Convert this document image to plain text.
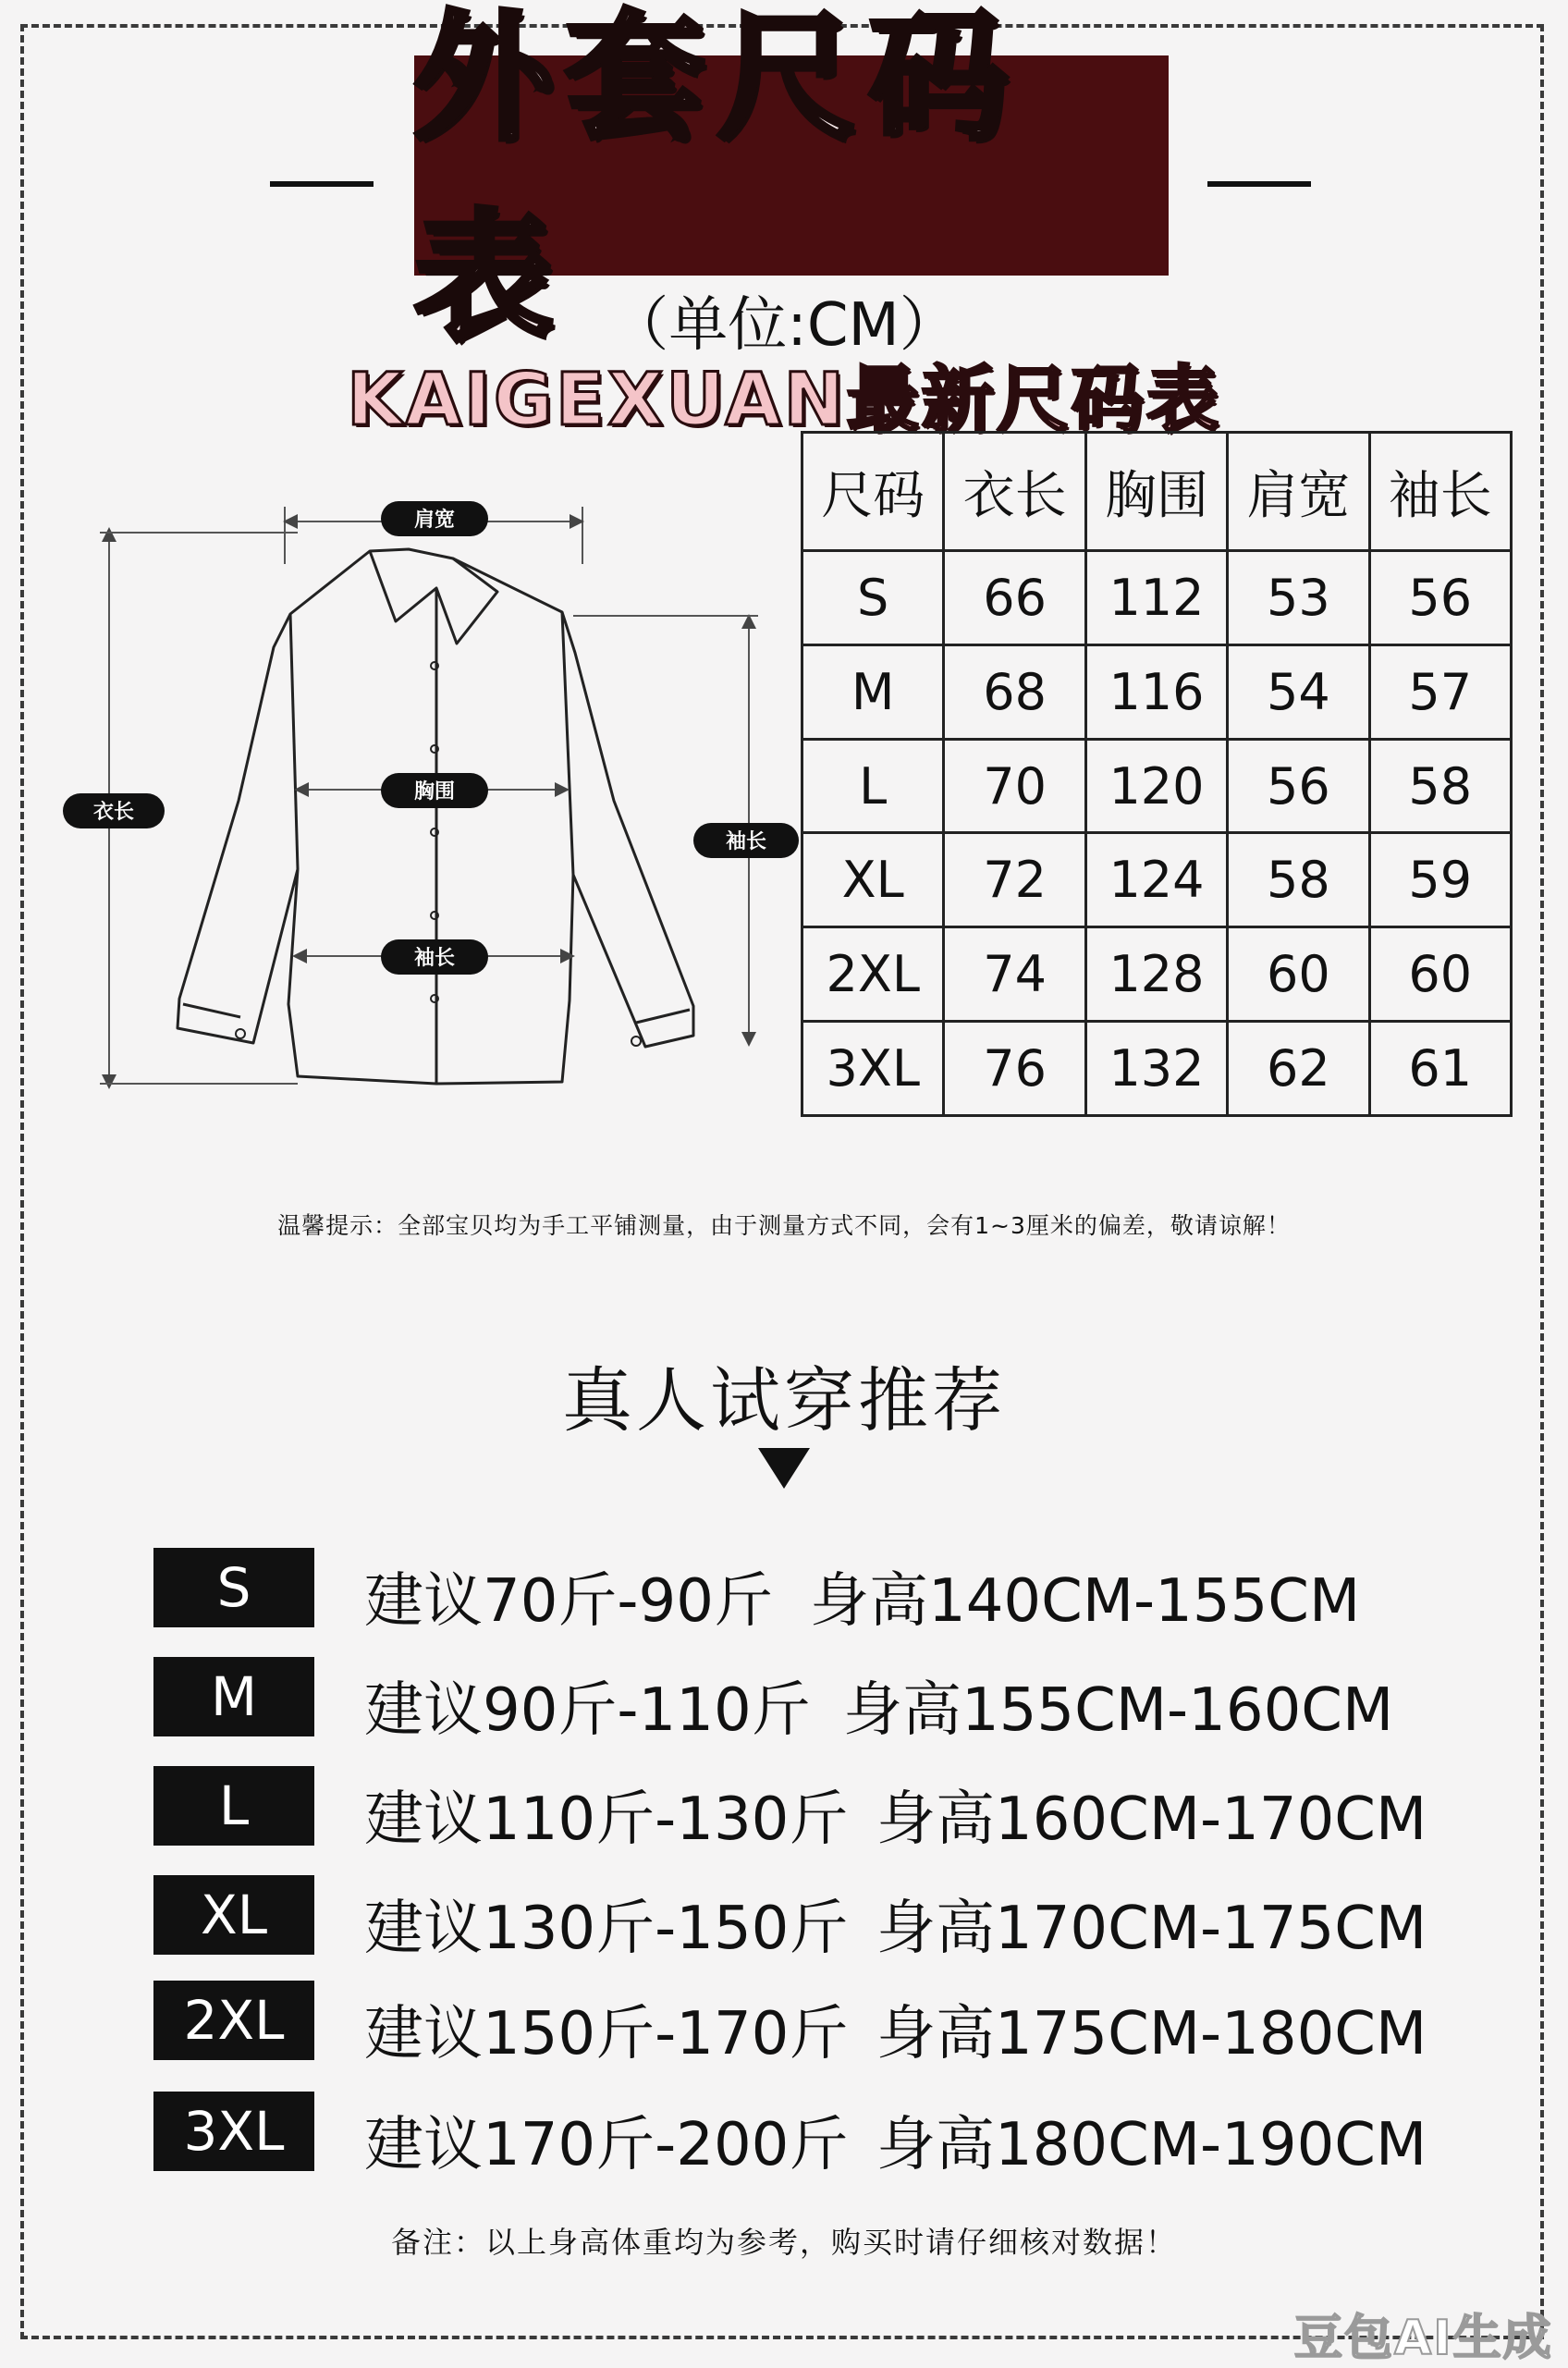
外套尺码表 （单位:CM）
KAIGEXUAN最新尺码表
肩宽
衣长
胸围
袖长
袖长
尺码	衣长	胸围	肩宽	袖长
S	66	112	53	56
M	68	116	54	57
L	70	120	56	58
XL	72	124	58	59
2XL	74	128	60	60
3XL	76	132	62	61
温馨提示：全部宝贝均为手工平铺测量，由于测量方式不同，会有1~3厘米的偏差，敬请谅解！
真人试穿推荐
S	建议70斤-90斤 身高140CM-155CM
M	建议90斤-110斤 身高155CM-160CM
L	建议110斤-130斤 身高160CM-170CM
XL	建议130斤-150斤 身高170CM-175CM
2XL	建议150斤-170斤 身高175CM-180CM
3XL	建议170斤-200斤 身高180CM-190CM
备注：以上身高体重均为参考，购买时请仔细核对数据！
豆包AI生成
